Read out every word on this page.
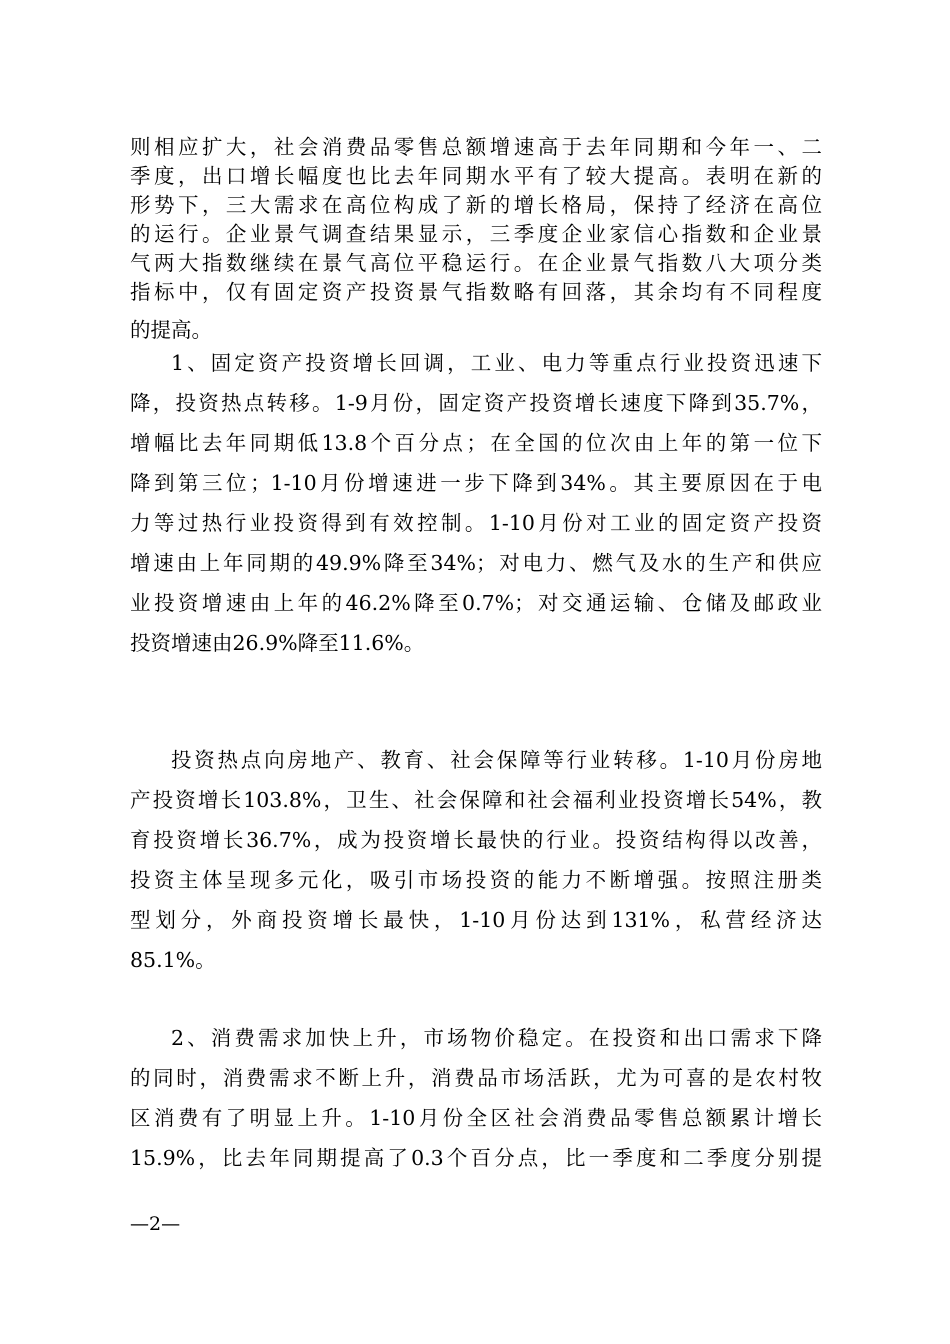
则相应扩大，社会消费品零售总额增速高于去年同期和今年一、二
季度，出口增长幅度也比去年同期水平有了较大提高。表明在新的
形势下，三大需求在高位构成了新的增长格局，保持了经济在高位
的运行。企业景气调查结果显示，三季度企业家信心指数和企业景
气两大指数继续在景气高位平稳运行。在企业景气指数八大项分类
指标中，仅有固定资产投资景气指数略有回落，其余均有不同程度
的提高。
1、固定资产投资增长回调，工业、电力等重点行业投资迅速下
降，投资热点转移。1-9月份，固定资产投资增长速度下降到35.7%，
增幅比去年同期低13.8个百分点；在全国的位次由上年的第一位下
降到第三位；1-10月份增速进一步下降到34%。其主要原因在于电
力等过热行业投资得到有效控制。1-10月份对工业的固定资产投资
增速由上年同期的49.9%降至34%；对电力、燃气及水的生产和供应
业投资增速由上年的46.2%降至0.7%；对交通运输、仓储及邮政业
投资增速由26.9%降至11.6%。
投资热点向房地产、教育、社会保障等行业转移。1-10月份房地
产投资增长103.8%，卫生、社会保障和社会福利业投资增长54%，教
育投资增长36.7%，成为投资增长最快的行业。投资结构得以改善，
投资主体呈现多元化，吸引市场投资的能力不断增强。按照注册类
型划分，外商投资增长最快，1-10月份达到131%，私营经济达
85.1%。
2、消费需求加快上升，市场物价稳定。在投资和出口需求下降
的同时，消费需求不断上升，消费品市场活跃，尤为可喜的是农村牧
区消费有了明显上升。1-10月份全区社会消费品零售总额累计增长
15.9%，比去年同期提高了0.3个百分点，比一季度和二季度分别提
—2—
